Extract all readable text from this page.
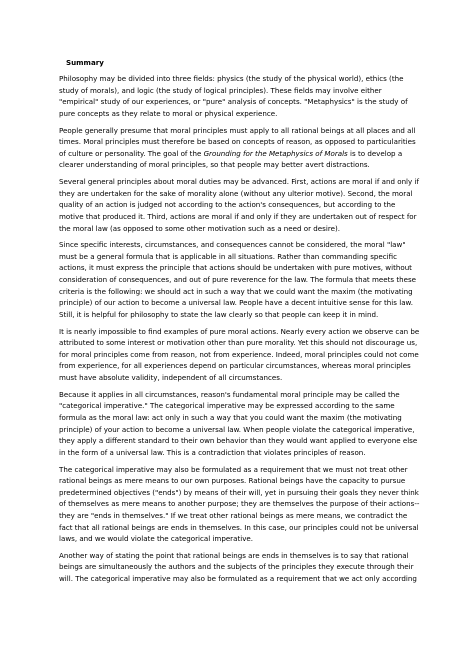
Summary

Philosophy may be divided into three fields: physics (the study of the physical world), ethics (the study of morals), and logic (the study of logical principles). These fields may involve either "empirical" study of our experiences, or "pure" analysis of concepts. "Metaphysics" is the study of pure concepts as they relate to moral or physical experience.

People generally presume that moral principles must apply to all rational beings at all places and all times. Moral principles must therefore be based on concepts of reason, as opposed to particularities of culture or personality. The goal of the Grounding for the Metaphysics of Morals is to develop a clearer understanding of moral principles, so that people may better avert distractions.

Several general principles about moral duties may be advanced. First, actions are moral if and only if they are undertaken for the sake of morality alone (without any ulterior motive). Second, the moral quality of an action is judged not according to the action's consequences, but according to the motive that produced it. Third, actions are moral if and only if they are undertaken out of respect for the moral law (as opposed to some other motivation such as a need or desire).

Since specific interests, circumstances, and consequences cannot be considered, the moral "law" must be a general formula that is applicable in all situations. Rather than commanding specific actions, it must express the principle that actions should be undertaken with pure motives, without consideration of consequences, and out of pure reverence for the law. The formula that meets these criteria is the following: we should act in such a way that we could want the maxim (the motivating principle) of our action to become a universal law. People have a decent intuitive sense for this law. Still, it is helpful for philosophy to state the law clearly so that people can keep it in mind.

It is nearly impossible to find examples of pure moral actions. Nearly every action we observe can be attributed to some interest or motivation other than pure morality. Yet this should not discourage us, for moral principles come from reason, not from experience. Indeed, moral principles could not come from experience, for all experiences depend on particular circumstances, whereas moral principles must have absolute validity, independent of all circumstances.

Because it applies in all circumstances, reason's fundamental moral principle may be called the "categorical imperative." The categorical imperative may be expressed according to the same formula as the moral law: act only in such a way that you could want the maxim (the motivating principle) of your action to become a universal law. When people violate the categorical imperative, they apply a different standard to their own behavior than they would want applied to everyone else in the form of a universal law. This is a contradiction that violates principles of reason.

The categorical imperative may also be formulated as a requirement that we must not treat other rational beings as mere means to our own purposes. Rational beings have the capacity to pursue predetermined objectives ("ends") by means of their will, yet in pursuing their goals they never think of themselves as mere means to another purpose; they are themselves the purpose of their actions--they are "ends in themselves." If we treat other rational beings as mere means, we contradict the fact that all rational beings are ends in themselves. In this case, our principles could not be universal laws, and we would violate the categorical imperative.

Another way of stating the point that rational beings are ends in themselves is to say that rational beings are simultaneously the authors and the subjects of the principles they execute through their will. The categorical imperative may also be formulated as a requirement that we act only according
